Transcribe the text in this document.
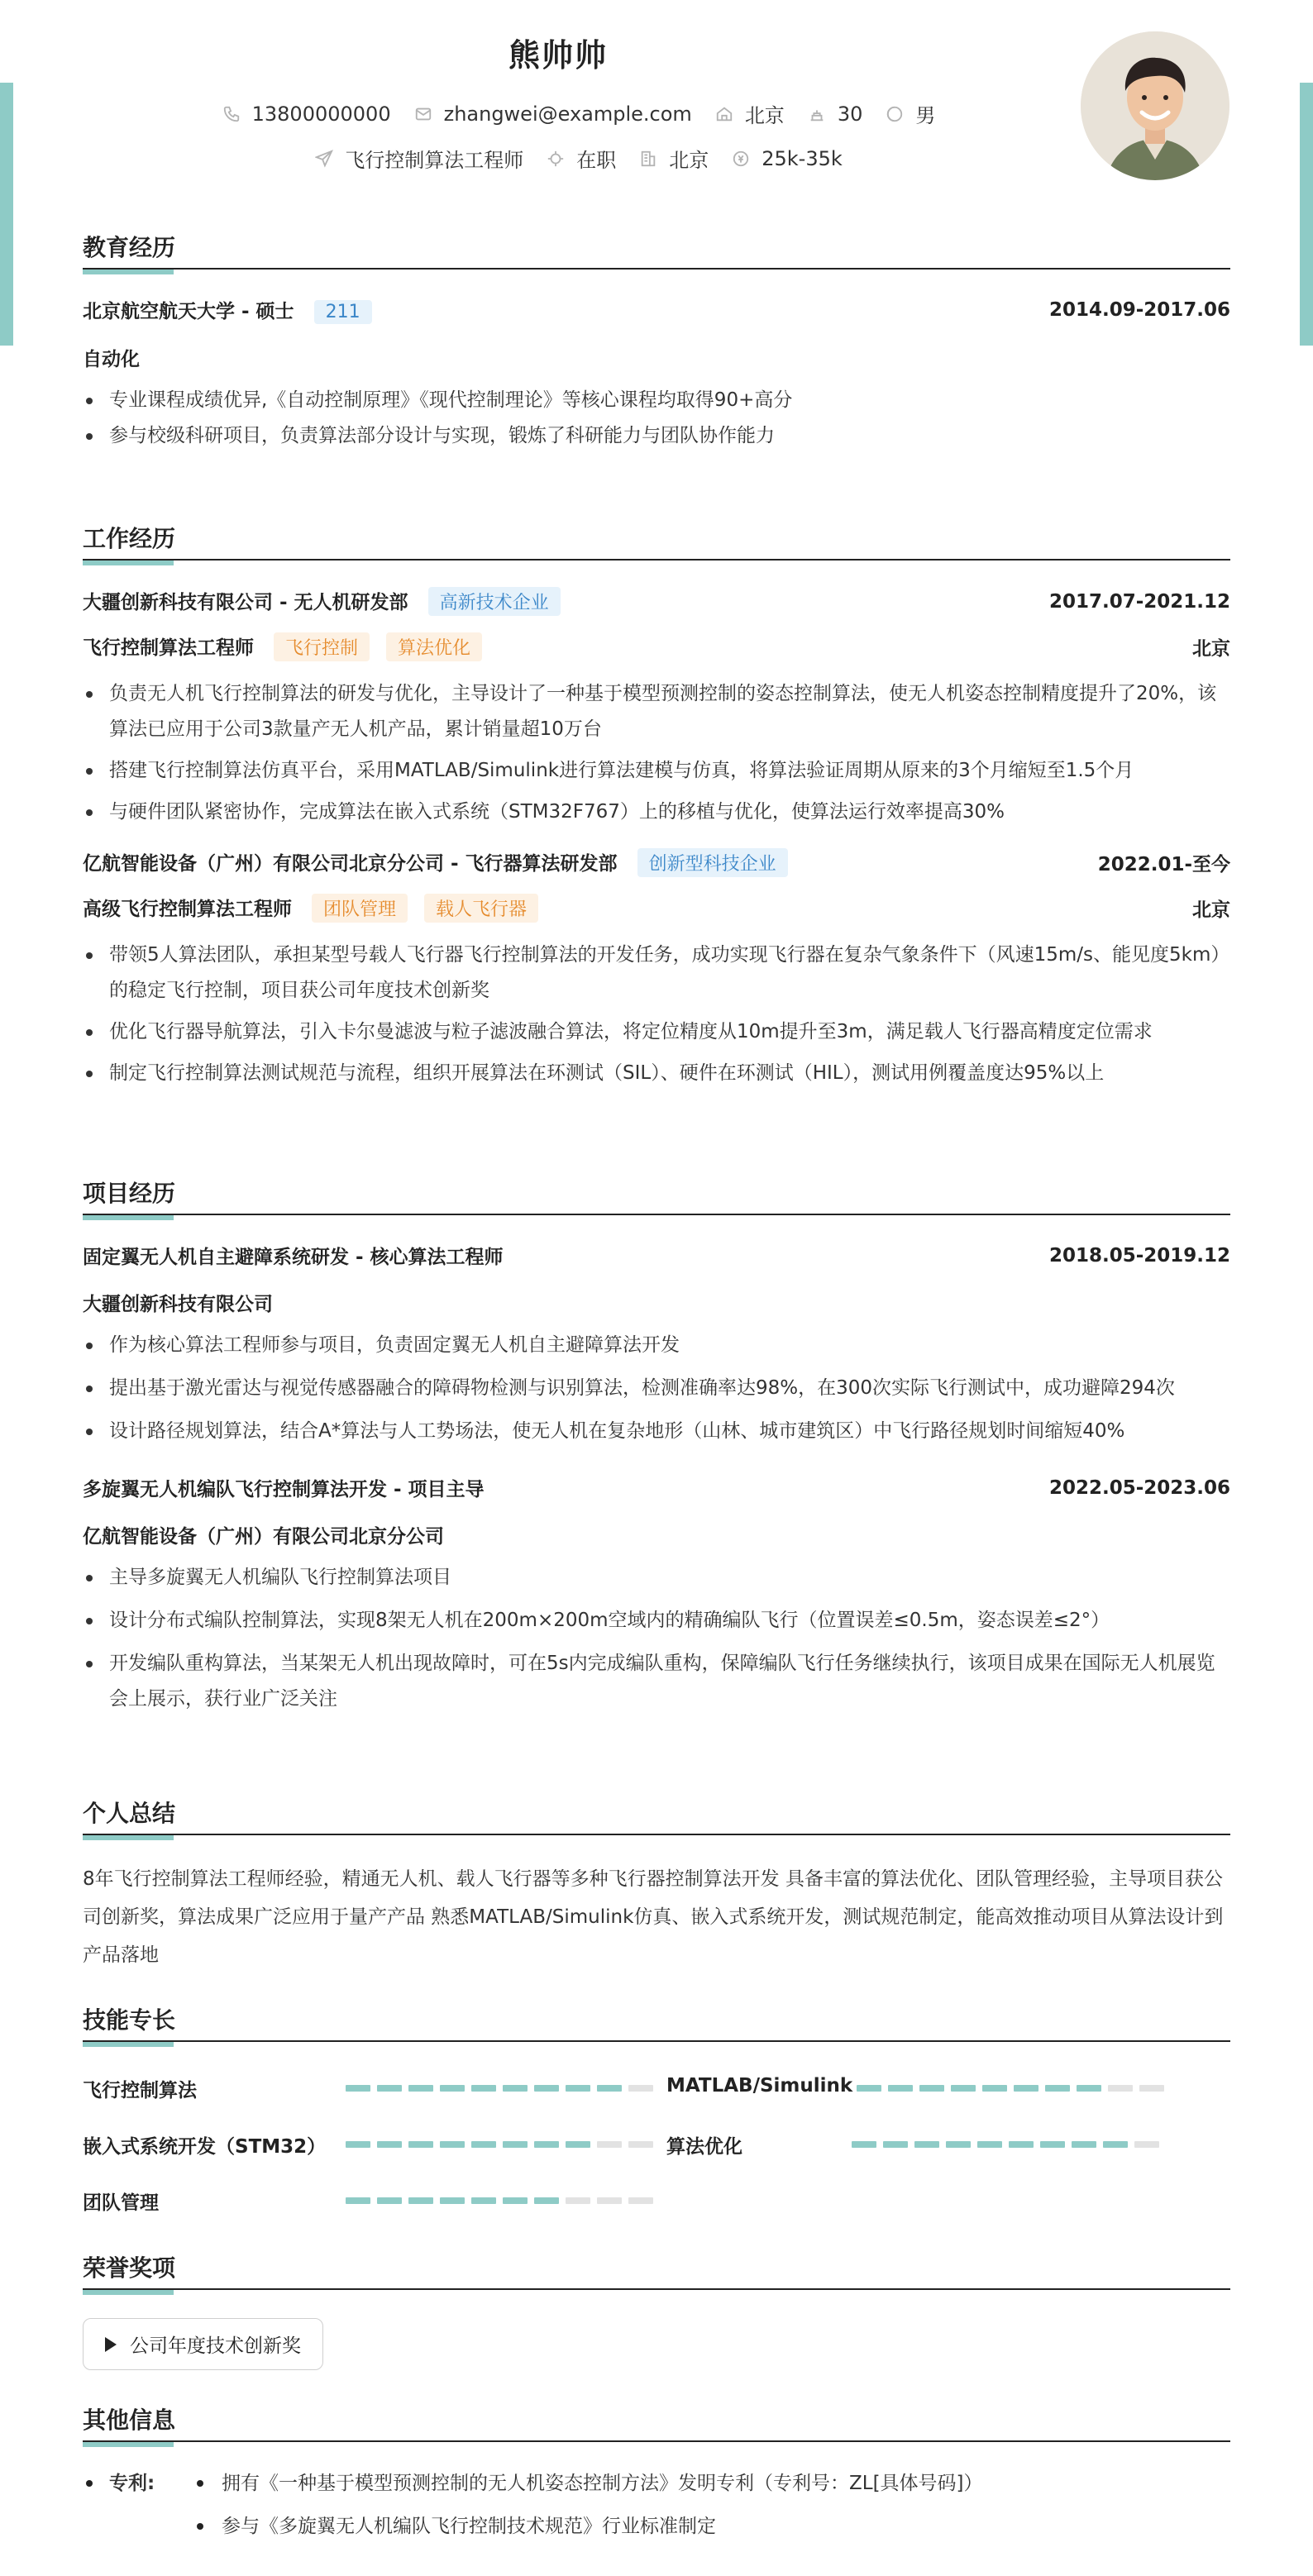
熊帅帅
13800000000	zhangwei@example.com	北京	30	男
飞行控制算法工程师	在职	北京	25k-35k
教育经历
北京航空航天大学 - 硕士 211	2014.09-2017.06
自动化
专业课程成绩优异,《自动控制原理》《现代控制理论》等核心课程均取得90+高分
参与校级科研项目，负责算法部分设计与实现，锻炼了科研能力与团队协作能力
工作经历
大疆创新科技有限公司 - 无人机研发部 高新技术企业	2017.07-2021.12
飞行控制算法工程师 飞行控制 算法优化	北京
负责无人机飞行控制算法的研发与优化，主导设计了一种基于模型预测控制的姿态控制算法，使无人机姿态控制精度提升了20%，该算法已应用于公司3款量产无人机产品，累计销量超10万台
搭建飞行控制算法仿真平台，采用MATLAB/Simulink进行算法建模与仿真，将算法验证周期从原来的3个月缩短至1.5个月
与硬件团队紧密协作，完成算法在嵌入式系统（STM32F767）上的移植与优化，使算法运行效率提高30%
亿航智能设备（广州）有限公司北京分公司 - 飞行器算法研发部 创新型科技企业	2022.01-至今
高级飞行控制算法工程师 团队管理 载人飞行器	北京
带领5人算法团队，承担某型号载人飞行器飞行控制算法的开发任务，成功实现飞行器在复杂气象条件下（风速15m/s、能见度5km）的稳定飞行控制，项目获公司年度技术创新奖
优化飞行器导航算法，引入卡尔曼滤波与粒子滤波融合算法，将定位精度从10m提升至3m，满足载人飞行器高精度定位需求
制定飞行控制算法测试规范与流程，组织开展算法在环测试（SIL）、硬件在环测试（HIL），测试用例覆盖度达95%以上
项目经历
固定翼无人机自主避障系统研发 - 核心算法工程师	2018.05-2019.12
大疆创新科技有限公司
作为核心算法工程师参与项目，负责固定翼无人机自主避障算法开发
提出基于激光雷达与视觉传感器融合的障碍物检测与识别算法，检测准确率达98%，在300次实际飞行测试中，成功避障294次
设计路径规划算法，结合A*算法与人工势场法，使无人机在复杂地形（山林、城市建筑区）中飞行路径规划时间缩短40%
多旋翼无人机编队飞行控制算法开发 - 项目主导	2022.05-2023.06
亿航智能设备（广州）有限公司北京分公司
主导多旋翼无人机编队飞行控制算法项目
设计分布式编队控制算法，实现8架无人机在200m×200m空域内的精确编队飞行（位置误差≤0.5m，姿态误差≤2°）
开发编队重构算法，当某架无人机出现故障时，可在5s内完成编队重构，保障编队飞行任务继续执行，该项目成果在国际无人机展览会上展示，获行业广泛关注
个人总结
8年飞行控制算法工程师经验，精通无人机、载人飞行器等多种飞行器控制算法开发 具备丰富的算法优化、团队管理经验，主导项目获公司创新奖，算法成果广泛应用于量产产品 熟悉MATLAB/Simulink仿真、嵌入式系统开发，测试规范制定，能高效推动项目从算法设计到产品落地
技能专长
飞行控制算法	MATLAB/Simulink
嵌入式系统开发（STM32）	算法优化
团队管理
荣誉奖项
公司年度技术创新奖
其他信息
专利:	拥有《一种基于模型预测控制的无人机姿态控制方法》发明专利（专利号：ZL[具体号码]）
参与《多旋翼无人机编队飞行控制技术规范》行业标准制定
